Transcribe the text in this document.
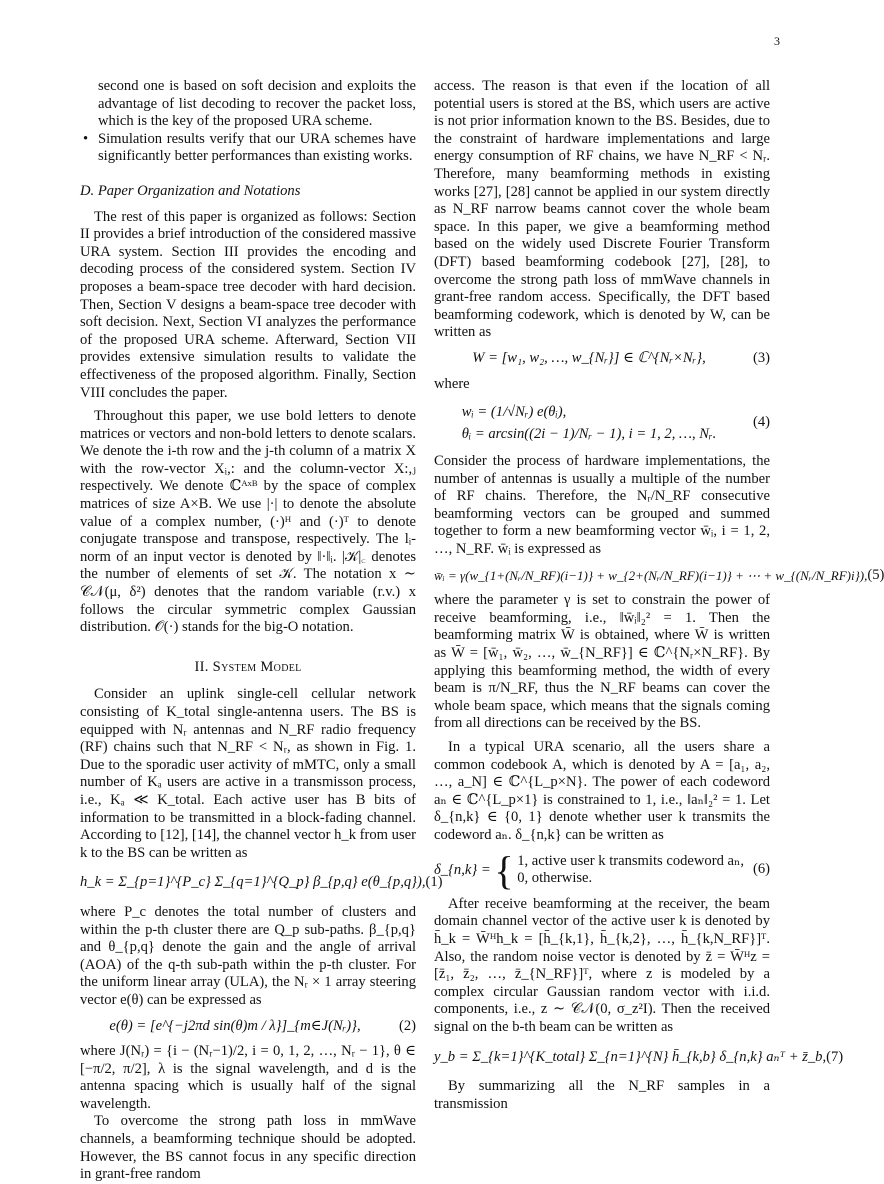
3

second one is based on soft decision and exploits the advantage of list decoding to recover the packet loss, which is the key of the proposed URA scheme.

• Simulation results verify that our URA schemes have significantly better performances than existing works.

D. Paper Organization and Notations

The rest of this paper is organized as follows: Section II provides a brief introduction of the considered massive URA system. Section III provides the encoding and decoding process of the considered system. Section IV proposes a beam-space tree decoder with hard decision. Then, Section V designs a beam-space tree decoder with soft decision. Next, Section VI analyzes the performance of the proposed URA scheme. Afterward, Section VII provides extensive simulation results to validate the effectiveness of the proposed algorithm. Finally, Section VIII concludes the paper.

Throughout this paper, we use bold letters to denote matrices or vectors and non-bold letters to denote scalars. We denote the i-th row and the j-th column of a matrix X with the row-vector Xᵢ,: and the column-vector X:,ⱼ respectively. We denote ℂᴬˣᴮ by the space of complex matrices of size A×B. We use |·| to denote the absolute value of a complex number, (·)ᴴ and (·)ᵀ to denote conjugate transpose and transpose, respectively. The lᵢ-norm of an input vector is denoted by ‖·‖ᵢ. |𝒦|꜀ denotes the number of elements of set 𝒦. The notation x ∼ 𝒞𝒩(μ, δ²) denotes that the random variable (r.v.) x follows the circular symmetric complex Gaussian distribution. 𝒪(·) stands for the big-O notation.

II. System Model

Consider an uplink single-cell cellular network consisting of K_total single-antenna users. The BS is equipped with Nᵣ antennas and N_RF radio frequency (RF) chains such that N_RF < Nᵣ, as shown in Fig. 1. Due to the sporadic user activity of mMTC, only a small number of Kₐ users are active in a transmisson process, i.e., Kₐ ≪ K_total. Each active user has B bits of information to be transmitted in a block-fading channel. According to [12], [14], the channel vector h_k from user k to the BS can be written as

h_k = Σ_{p=1}^{P_c} Σ_{q=1}^{Q_p} β_{p,q} e(θ_{p,q}), (1)

where P_c denotes the total number of clusters and within the p-th cluster there are Q_p sub-paths. β_{p,q} and θ_{p,q} denote the gain and the angle of arrival (AOA) of the q-th sub-path within the p-th cluster. For the uniform linear array (ULA), the Nᵣ × 1 array steering vector e(θ) can be expressed as

e(θ) = [e^{−j2πd sin(θ)m / λ}]_{m∈J(Nᵣ)},	(2)

where J(Nᵣ) = {i − (Nᵣ−1)/2, i = 0, 1, 2, …, Nᵣ − 1}, θ ∈ [−π/2, π/2], λ is the signal wavelength, and d is the antenna spacing which is usually half of the signal wavelength.

To overcome the strong path loss in mmWave channels, a beamforming technique should be adopted. However, the BS cannot focus in any specific direction in grant-free random

access. The reason is that even if the location of all potential users is stored at the BS, which users are active is not prior information known to the BS. Besides, due to the constraint of hardware implementations and large energy consumption of RF chains, we have N_RF < Nᵣ. Therefore, many beamforming methods in existing works [27], [28] cannot be applied in our system directly as N_RF narrow beams cannot cover the whole beam space. In this paper, we give a beamforming method based on the widely used Discrete Fourier Transform (DFT) based beamforming codebook [27], [28], to overcome the strong path loss of mmWave channels in grant-free random access. Specifically, the DFT based beamforming codework, which is denoted by W, can be written as

W = [w₁, w₂, …, w_{Nᵣ}] ∈ ℂ^{Nᵣ×Nᵣ},	(3)

where

wᵢ = (1/√Nᵣ) e(θᵢ),
θᵢ = arcsin((2i − 1)/Nᵣ − 1), i = 1, 2, …, Nᵣ.
(4)

Consider the process of hardware implementations, the number of antennas is usually a multiple of the number of RF chains. Therefore, the Nᵣ/N_RF consecutive beamforming vectors can be grouped and summed together to form a new beamforming vector w̄ᵢ, i = 1, 2, …, N_RF. w̄ᵢ is expressed as

w̄ᵢ = γ(w_{1+(Nᵣ/N_RF)(i−1)} + w_{2+(Nᵣ/N_RF)(i−1)} + ⋯ + w_{(Nᵣ/N_RF)i}), (5)

where the parameter γ is set to constrain the power of receive beamforming, i.e., ‖w̄ᵢ‖₂² = 1. Then the beamforming matrix W̄ is obtained, where W̄ is written as W̄ = [w̄₁, w̄₂, …, w̄_{N_RF}] ∈ ℂ^{Nᵣ×N_RF}. By applying this beamforming method, the width of every beam is π/N_RF, thus the N_RF beams can cover the whole beam space, which means that the signals coming from all directions can be received by the BS.

In a typical URA scenario, all the users share a common codebook A, which is denoted by A = [a₁, a₂, …, a_N] ∈ ℂ^{L_p×N}. The power of each codeword aₙ ∈ ℂ^{L_p×1} is constrained to 1, i.e., ‖aₙ‖₂² = 1. Let δ_{n,k} ∈ {0, 1} denote whether user k transmits the codeword aₙ. δ_{n,k} can be written as

δ_{n,k} = { 1, active user k transmits codeword aₙ,
0, otherwise.
(6)

After receive beamforming at the receiver, the beam domain channel vector of the active user k is denoted by h̄_k = W̄ᴴh_k = [h̄_{k,1}, h̄_{k,2}, …, h̄_{k,N_RF}]ᵀ. Also, the random noise vector is denoted by z̄ = W̄ᴴz = [z̄₁, z̄₂, …, z̄_{N_RF}]ᵀ, where z is modeled by a complex circular Gaussian random vector with i.i.d. components, i.e., z ∼ 𝒞𝒩(0, σ_z²I). Then the received signal on the b-th beam can be written as

y_b = Σ_{k=1}^{K_total} Σ_{n=1}^{N} h̄_{k,b} δ_{n,k} aₙᵀ + z̄_b, (7)

By summarizing all the N_RF samples in a transmission
